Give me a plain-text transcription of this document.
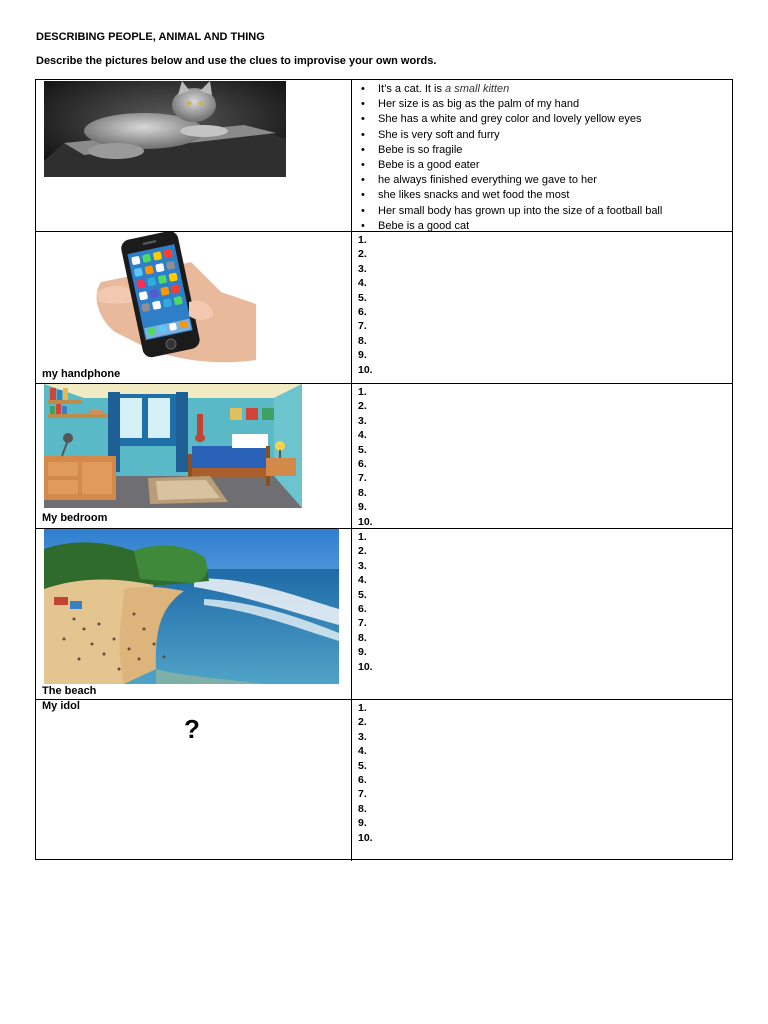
DESCRIBING PEOPLE, ANIMAL AND THING
Describe the pictures below and use the clues to improvise your own words.
• It’s a cat. It is a small kitten
• Her size is as big as the palm of my hand
• She has a white and grey color and lovely yellow eyes
• She is very soft and furry
• Bebe is so fragile
• Bebe is a good eater
• he always finished everything we gave to her
• she likes snacks and wet food the most
• Her small body has grown up into the size of a football ball
• Bebe is a good cat
my handphone
1.
2.
3.
4.
5.
6.
7.
8.
9.
10.
My bedroom
1.
2.
3.
4.
5.
6.
7.
8.
9.
10.
The beach
1.
2.
3.
4.
5.
6.
7.
8.
9.
10.
My idol
?
1.
2.
3.
4.
5.
6.
7.
8.
9.
10.
